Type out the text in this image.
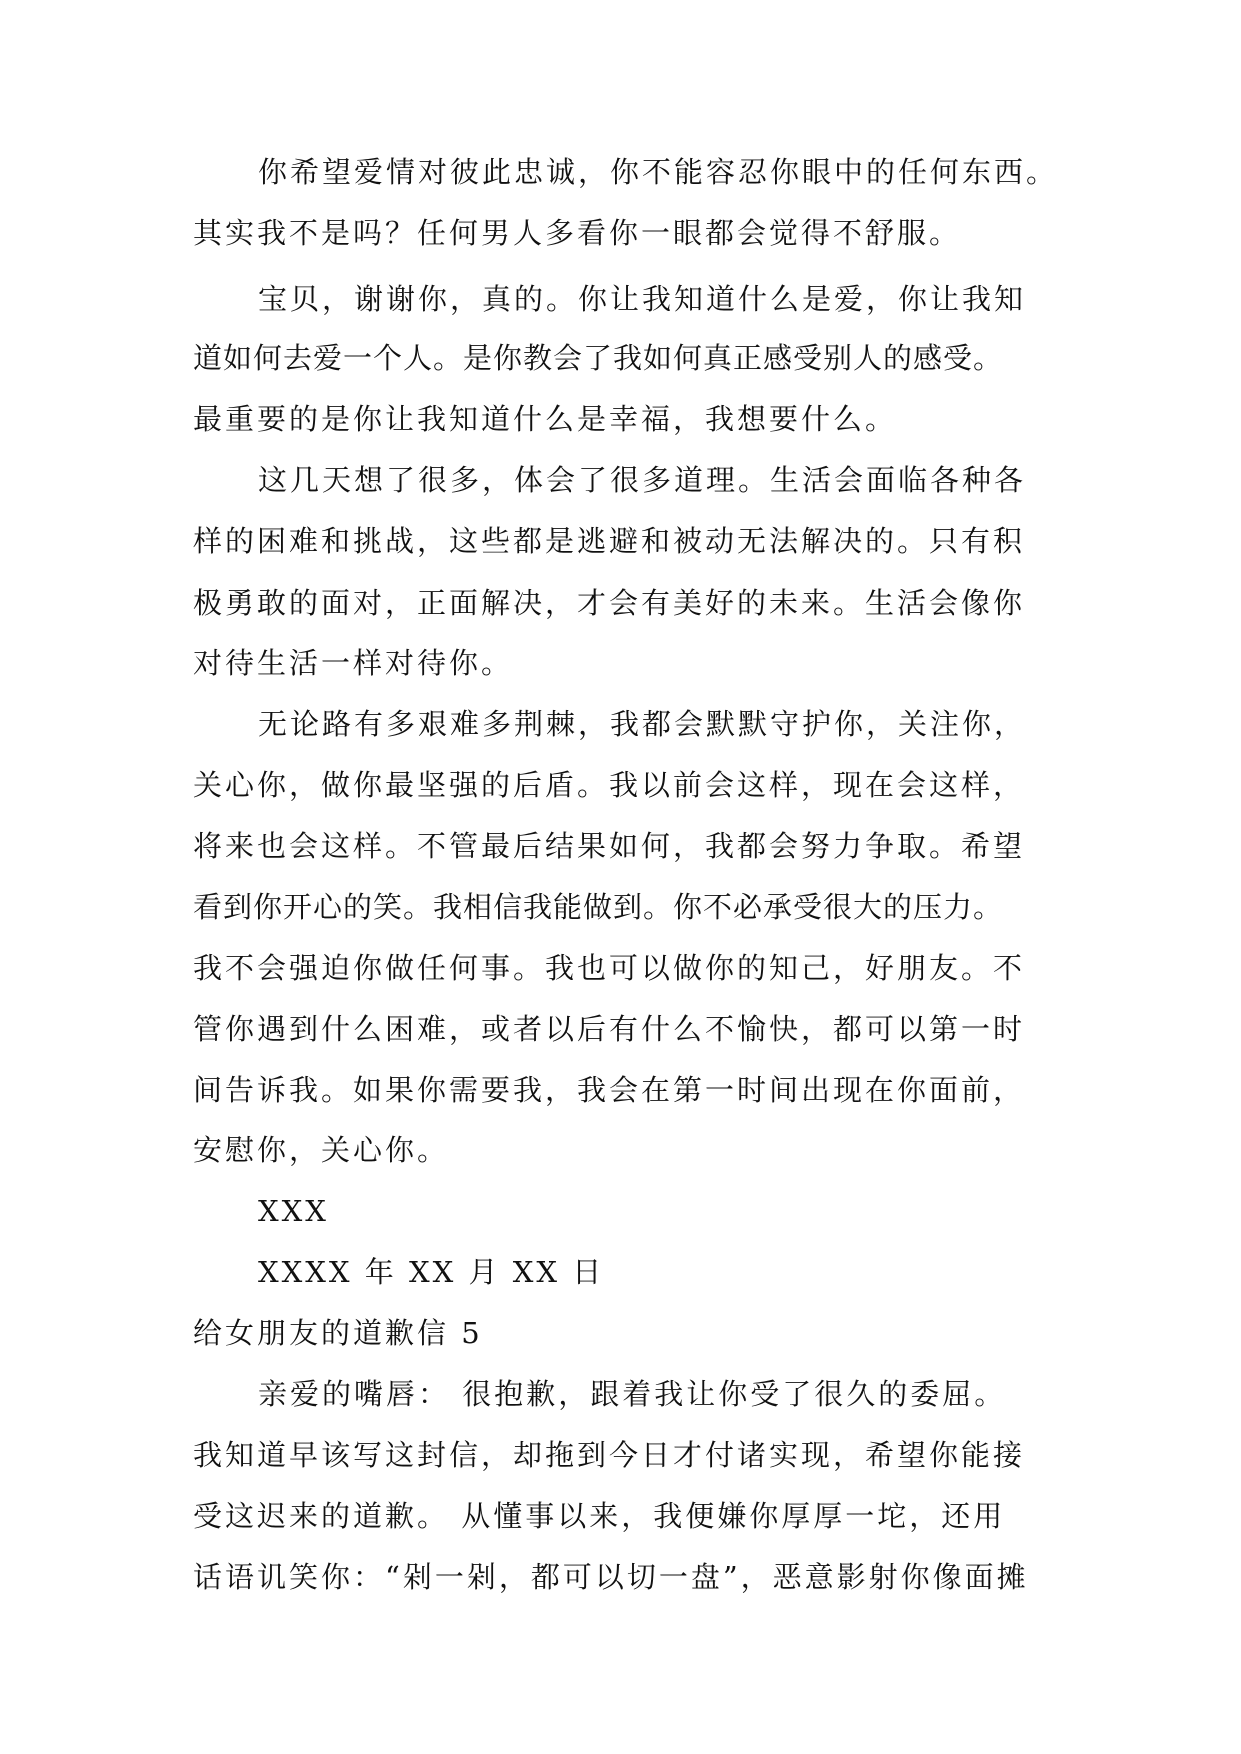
你希望爱情对彼此忠诚，你不能容忍你眼中的任何东西。
其实我不是吗？任何男人多看你一眼都会觉得不舒服。
宝贝，谢谢你，真的。你让我知道什么是爱，你让我知
道如何去爱一个人。是你教会了我如何真正感受别人的感受。
最重要的是你让我知道什么是幸福，我想要什么。
这几天想了很多，体会了很多道理。生活会面临各种各
样的困难和挑战，这些都是逃避和被动无法解决的。只有积
极勇敢的面对，正面解决，才会有美好的未来。生活会像你
对待生活一样对待你。
无论路有多艰难多荆棘，我都会默默守护你，关注你，
关心你，做你最坚强的后盾。我以前会这样，现在会这样，
将来也会这样。不管最后结果如何，我都会努力争取。希望
看到你开心的笑。我相信我能做到。你不必承受很大的压力。
我不会强迫你做任何事。我也可以做你的知己，好朋友。不
管你遇到什么困难，或者以后有什么不愉快，都可以第一时
间告诉我。如果你需要我，我会在第一时间出现在你面前，
安慰你，关心你。
XXX
XXXX 年 XX 月 XX 日
给女朋友的道歉信 5
亲爱的嘴唇： 很抱歉，跟着我让你受了很久的委屈。
我知道早该写这封信，却拖到今日才付诸实现，希望你能接
受这迟来的道歉。 从懂事以来，我便嫌你厚厚一坨，还用
话语讥笑你：“剁一剁，都可以切一盘”，恶意影射你像面摊
